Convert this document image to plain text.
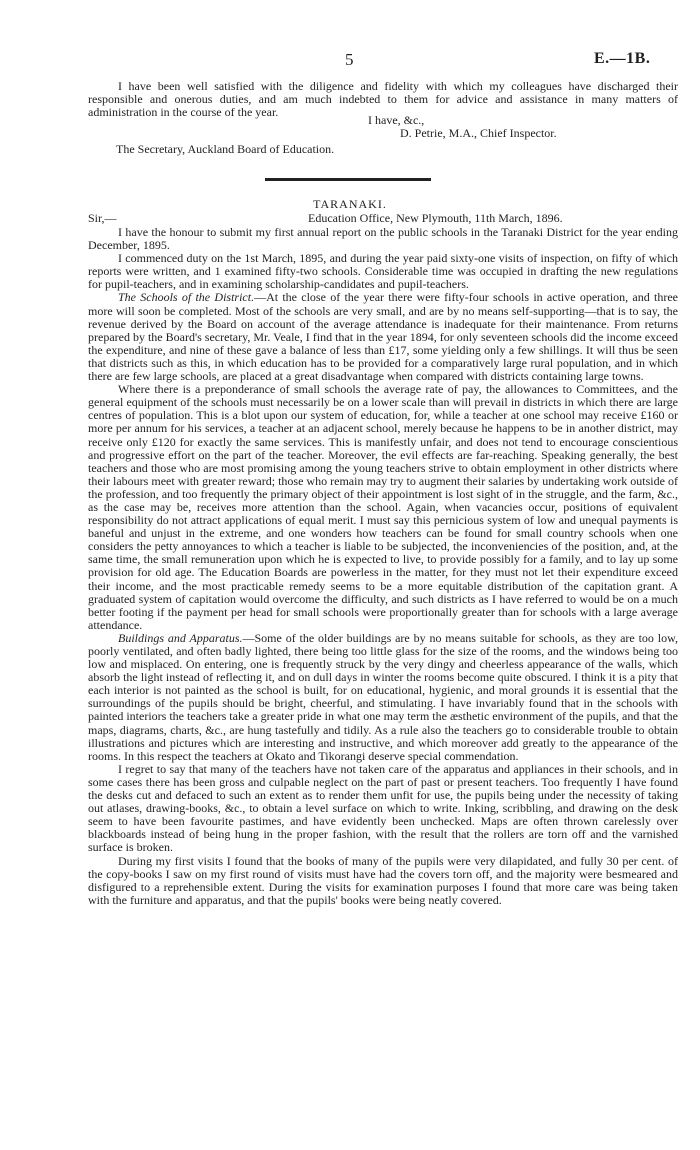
5	E.—1B.

I have been well satisfied with the diligence and fidelity with which my colleagues have discharged their responsible and onerous duties, and am much indebted to them for advice and assistance in many matters of administration in the course of the year.

I have, &c.,
D. Petrie, M.A., Chief Inspector.
The Secretary, Auckland Board of Education.
TARANAKI.
Sir,—	Education Office, New Plymouth, 11th March, 1896.

I have the honour to submit my first annual report on the public schools in the Taranaki District for the year ending December, 1895.

I commenced duty on the 1st March, 1895, and during the year paid sixty-one visits of inspection, on fifty of which reports were written, and 1 examined fifty-two schools. Considerable time was occupied in drafting the new regulations for pupil-teachers, and in examining scholarship-candidates and pupil-teachers.

The Schools of the District.—At the close of the year there were fifty-four schools in active operation, and three more will soon be completed. Most of the schools are very small, and are by no means self-supporting—that is to say, the revenue derived by the Board on account of the average attendance is inadequate for their maintenance. From returns prepared by the Board's secretary, Mr. Veale, I find that in the year 1894, for only seventeen schools did the income exceed the expenditure, and nine of these gave a balance of less than £17, some yielding only a few shillings. It will thus be seen that districts such as this, in which education has to be provided for a comparatively large rural population, and in which there are few large schools, are placed at a great disadvantage when compared with districts containing large towns.

Where there is a preponderance of small schools the average rate of pay, the allowances to Committees, and the general equipment of the schools must necessarily be on a lower scale than will prevail in districts in which there are large centres of population. This is a blot upon our system of education, for, while a teacher at one school may receive £160 or more per annum for his services, a teacher at an adjacent school, merely because he happens to be in another district, may receive only £120 for exactly the same services. This is manifestly unfair, and does not tend to encourage conscientious and progressive effort on the part of the teacher. Moreover, the evil effects are far-reaching. Speaking generally, the best teachers and those who are most promising among the young teachers strive to obtain employment in other districts where their labours meet with greater reward; those who remain may try to augment their salaries by undertaking work outside of the profession, and too frequently the primary object of their appointment is lost sight of in the struggle, and the farm, &c., as the case may be, receives more attention than the school. Again, when vacancies occur, positions of equivalent responsibility do not attract applications of equal merit. I must say this pernicious system of low and unequal payments is baneful and unjust in the extreme, and one wonders how teachers can be found for small country schools when one considers the petty annoyances to which a teacher is liable to be subjected, the inconveniencies of the position, and, at the same time, the small remuneration upon which he is expected to live, to provide possibly for a family, and to lay up some provision for old age. The Education Boards are powerless in the matter, for they must not let their expenditure exceed their income, and the most practicable remedy seems to be a more equitable distribution of the capitation grant. A graduated system of capitation would overcome the difficulty, and such districts as I have referred to would be on a much better footing if the payment per head for small schools were proportionally greater than for schools with a large average attendance.

Buildings and Apparatus.—Some of the older buildings are by no means suitable for schools, as they are too low, poorly ventilated, and often badly lighted, there being too little glass for the size of the rooms, and the windows being too low and misplaced. On entering, one is frequently struck by the very dingy and cheerless appearance of the walls, which absorb the light instead of reflecting it, and on dull days in winter the rooms become quite obscured. I think it is a pity that each interior is not painted as the school is built, for on educational, hygienic, and moral grounds it is essential that the surroundings of the pupils should be bright, cheerful, and stimulating. I have invariably found that in the schools with painted interiors the teachers take a greater pride in what one may term the æsthetic environment of the pupils, and that the maps, diagrams, charts, &c., are hung tastefully and tidily. As a rule also the teachers go to considerable trouble to obtain illustrations and pictures which are interesting and instructive, and which moreover add greatly to the appearance of the rooms. In this respect the teachers at Okato and Tikorangi deserve special commendation.

I regret to say that many of the teachers have not taken care of the apparatus and appliances in their schools, and in some cases there has been gross and culpable neglect on the part of past or present teachers. Too frequently I have found the desks cut and defaced to such an extent as to render them unfit for use, the pupils being under the necessity of taking out atlases, drawing-books, &c., to obtain a level surface on which to write. Inking, scribbling, and drawing on the desk seem to have been favourite pastimes, and have evidently been unchecked. Maps are often thrown carelessly over blackboards instead of being hung in the proper fashion, with the result that the rollers are torn off and the varnished surface is broken.

During my first visits I found that the books of many of the pupils were very dilapidated, and fully 30 per cent. of the copy-books I saw on my first round of visits must have had the covers torn off, and the majority were besmeared and disfigured to a reprehensible extent. During the visits for examination purposes I found that more care was being taken with the furniture and apparatus, and that the pupils' books were being neatly covered.
